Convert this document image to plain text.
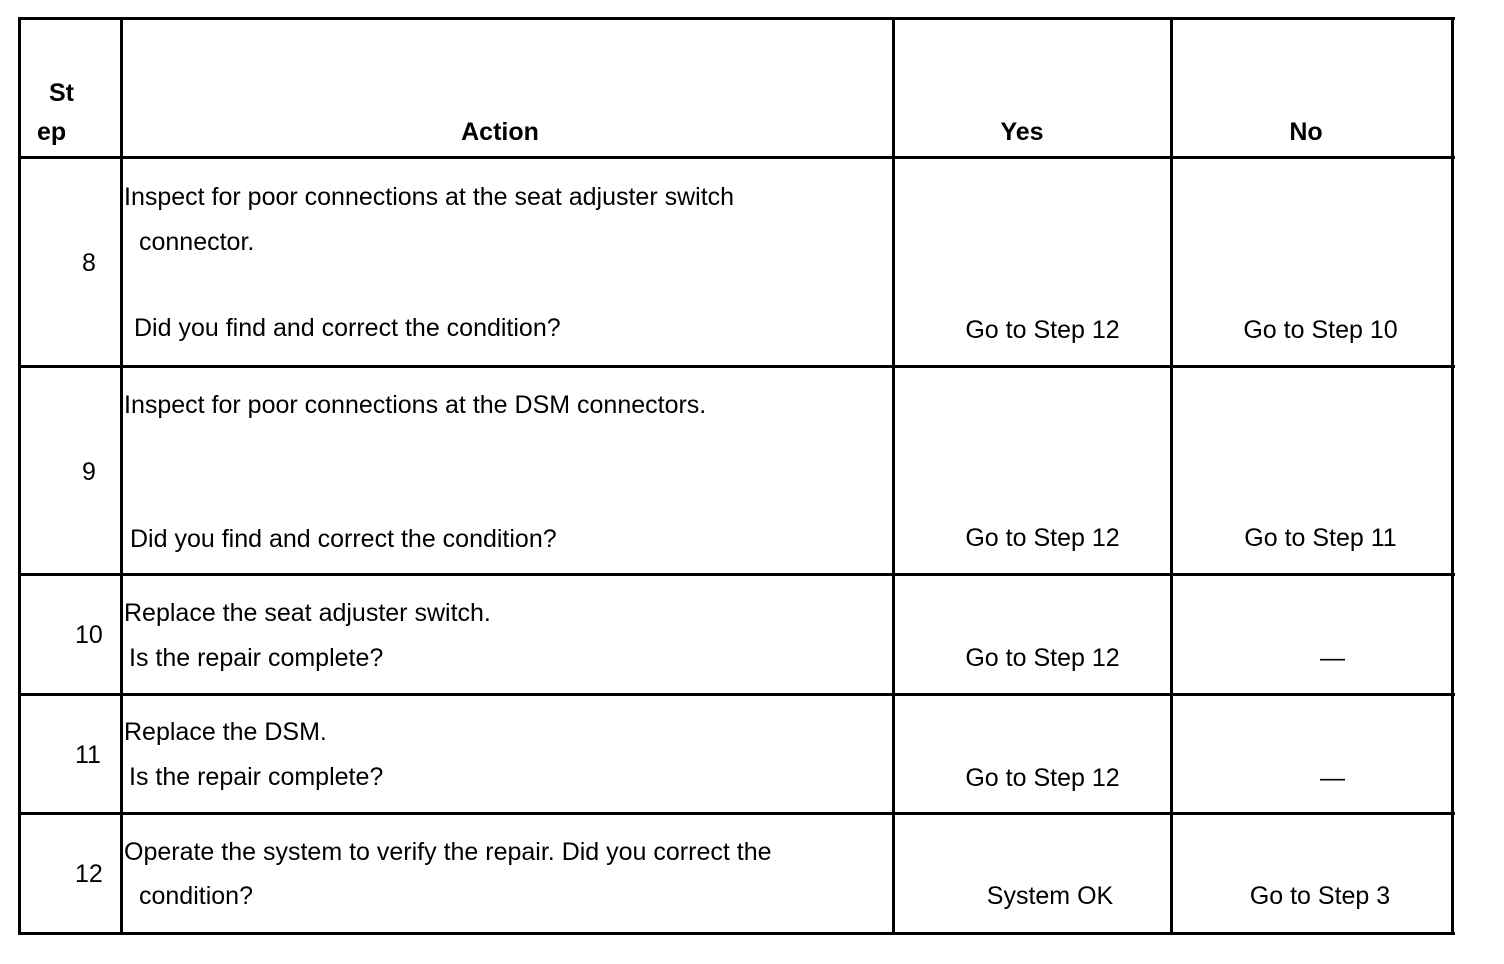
St
ep	Action	Yes	No
8
Inspect for poor connections at the seat adjuster switch
connector.
Did you find and correct the condition?	Go to Step 12	Go to Step 10
9
Inspect for poor connections at the DSM connectors.
Did you find and correct the condition?	Go to Step 12	Go to Step 11
10
Replace the seat adjuster switch.
Is the repair complete?	Go to Step 12	—
11
Replace the DSM.
Is the repair complete?	Go to Step 12	—
12
Operate the system to verify the repair. Did you correct the
condition?	System OK	Go to Step 3
